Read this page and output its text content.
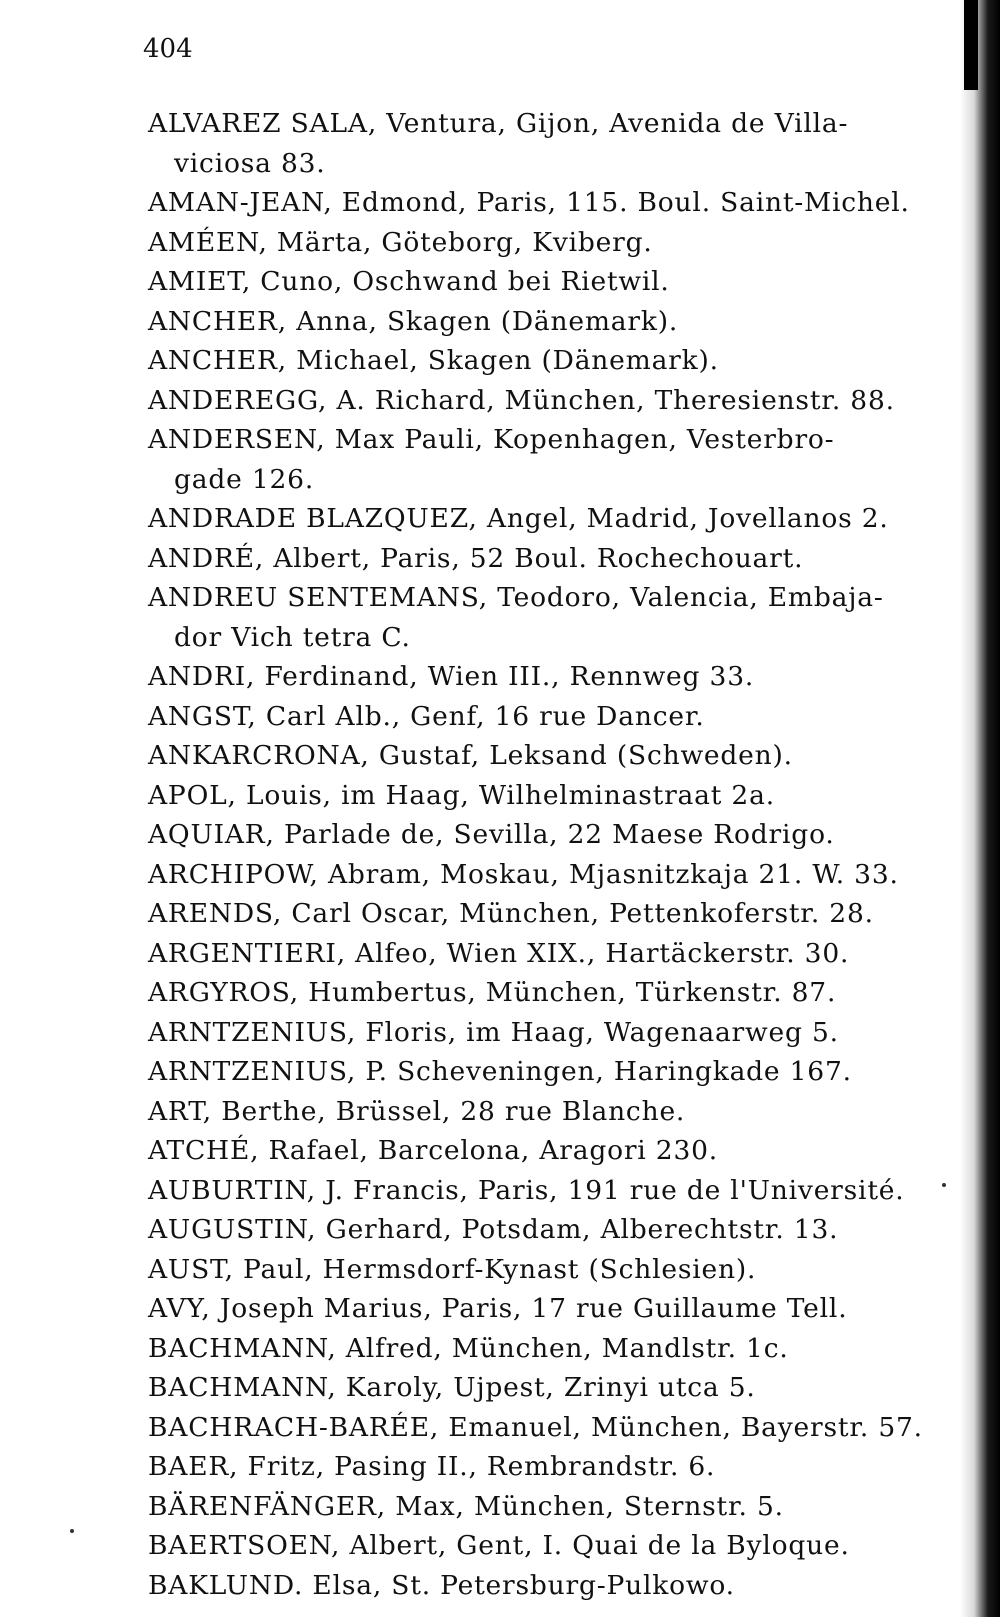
404
ALVAREZ SALA, Ventura, Gijon, Avenida de Villa-
viciosa 83.
AMAN-JEAN, Edmond, Paris, 115. Boul. Saint-Michel.
AMÉEN, Märta, Göteborg, Kviberg.
AMIET, Cuno, Oschwand bei Rietwil.
ANCHER, Anna, Skagen (Dänemark).
ANCHER, Michael, Skagen (Dänemark).
ANDEREGG, A. Richard, München, Theresienstr. 88.
ANDERSEN, Max Pauli, Kopenhagen, Vesterbro-
gade 126.
ANDRADE BLAZQUEZ, Angel, Madrid, Jovellanos 2.
ANDRÉ, Albert, Paris, 52 Boul. Rochechouart.
ANDREU SENTEMANS, Teodoro, Valencia, Embaja-
dor Vich tetra C.
ANDRI, Ferdinand, Wien III., Rennweg 33.
ANGST, Carl Alb., Genf, 16 rue Dancer.
ANKARCRONA, Gustaf, Leksand (Schweden).
APOL, Louis, im Haag, Wilhelminastraat 2a.
AQUIAR, Parlade de, Sevilla, 22 Maese Rodrigo.
ARCHIPOW, Abram, Moskau, Mjasnitzkaja 21. W. 33.
ARENDS, Carl Oscar, München, Pettenkoferstr. 28.
ARGENTIERI, Alfeo, Wien XIX., Hartäckerstr. 30.
ARGYROS, Humbertus, München, Türkenstr. 87.
ARNTZENIUS, Floris, im Haag, Wagenaarweg 5.
ARNTZENIUS, P. Scheveningen, Haringkade 167.
ART, Berthe, Brüssel, 28 rue Blanche.
ATCHÉ, Rafael, Barcelona, Aragori 230.
AUBURTIN, J. Francis, Paris, 191 rue de l'Université.
AUGUSTIN, Gerhard, Potsdam, Alberechtstr. 13.
AUST, Paul, Hermsdorf-Kynast (Schlesien).
AVY, Joseph Marius, Paris, 17 rue Guillaume Tell.
BACHMANN, Alfred, München, Mandlstr. 1c.
BACHMANN, Karoly, Ujpest, Zrinyi utca 5.
BACHRACH-BARÉE, Emanuel, München, Bayerstr. 57.
BAER, Fritz, Pasing II., Rembrandstr. 6.
BÄRENFÄNGER, Max, München, Sternstr. 5.
BAERTSOEN, Albert, Gent, I. Quai de la Byloque.
BAKLUND. Elsa, St. Petersburg-Pulkowo.
